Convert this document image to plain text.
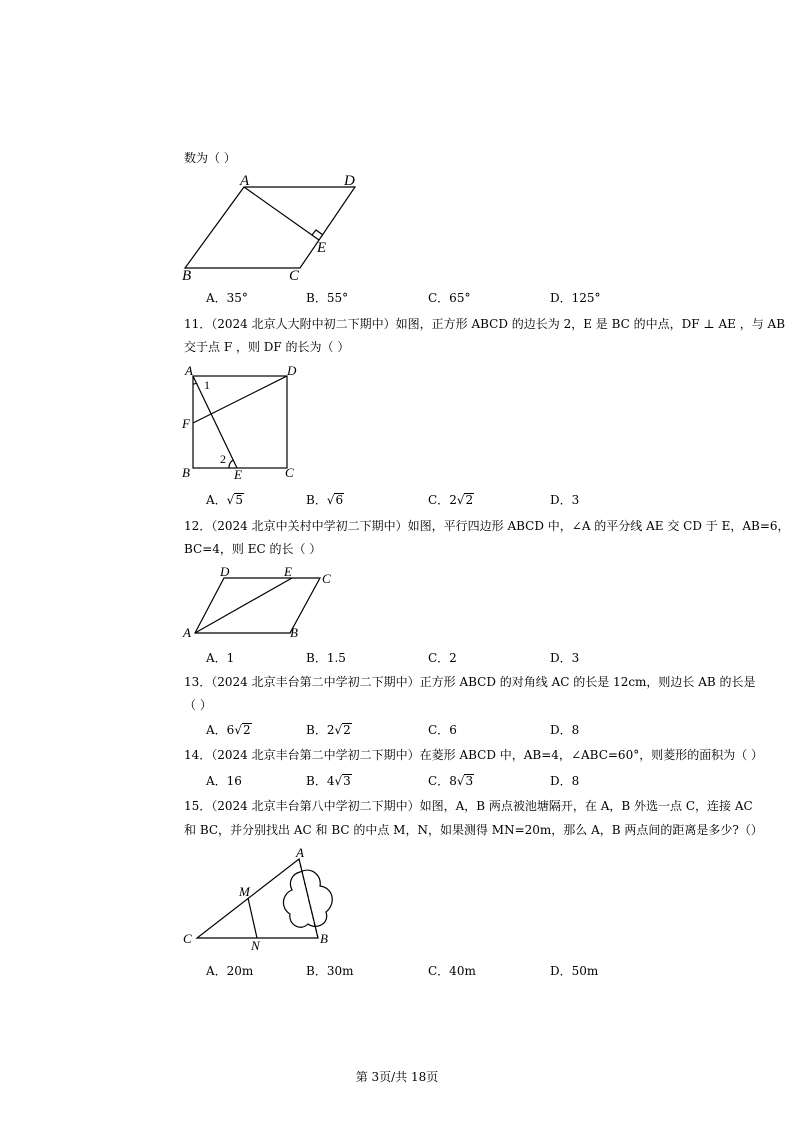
数为（ ）
A	D
E
B	C
A．35°	B．55°	C．65°	D．125°
11．（2024 北京人大附中初二下期中）如图，正方形 ABCD 的边长为 2，E 是 BC 的中点，DF ⊥ AE ，与 AB
交于点 F ，则 DF 的长为（ ）
A	D
1
F
2
B	E	C
A．√5	B．√6	C．2√2	D．3
12．（2024 北京中关村中学初二下期中）如图，平行四边形 ABCD 中，∠A 的平分线 AE 交 CD 于 E，AB=6，
BC=4，则 EC 的长（ ）
D	E C
A	B
A．1	B．1.5	C．2	D．3
13．（2024 北京丰台第二中学初二下期中）正方形 ABCD 的对角线 AC 的长是 12cm，则边长 AB 的长是
（ ）
A．6√2	B．2√2	C．6	D．8
14．（2024 北京丰台第二中学初二下期中）在菱形 ABCD 中，AB=4，∠ABC=60°，则菱形的面积为（ ）
A．16	B．4√3	C．8√3	D．8
15．（2024 北京丰台第八中学初二下期中）如图，A，B 两点被池塘隔开，在 A，B 外选一点 C，连接 AC
和 BC，并分别找出 AC 和 BC 的中点 M，N，如果测得 MN=20m，那么 A，B 两点间的距离是多少?（）
A
M
C	N	B
A．20m	B．30m	C．40m	D．50m
第 3页/共 18页
